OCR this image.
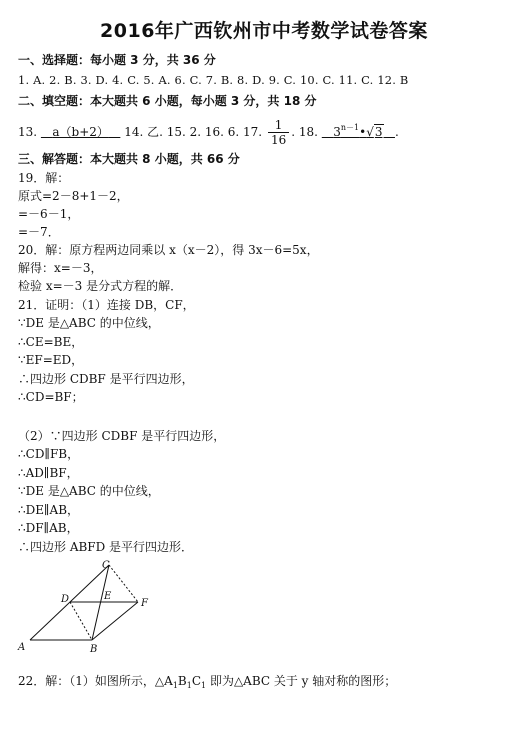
2016年广西钦州市中考数学试卷答案
一、选择题：每小题 3 分，共 36 分
1. A. 2. B. 3. D. 4. C. 5. A. 6. C. 7. B. 8. D. 9. C. 10. C. 11. C. 12. B
二、填空题：本大题共 6 小题，每小题 3 分，共 18 分
13. a（b+2） 14. 乙. 15. 2. 16. 6. 17. $\frac{1}{16}$ . 18. $3^{n-1}•√3$ .
三、解答题：本大题共 8 小题，共 66 分
19．解：
原式=2－8+1－2，
=－6－1，
=－7．
20．解：原方程两边同乘以 x（x－2），得 3x－6=5x，
解得：x=－3，
检验 x=－3 是分式方程的解．
21．证明：（1）连接 DB，CF，
∵DE 是△ABC 的中位线，
∴CE=BE，
∵EF=ED，
∴四边形 CDBF 是平行四边形，
∴CD=BF；
（2）∵四边形 CDBF 是平行四边形，
∴CD∥FB，
∴AD∥BF，
∵DE 是△ABC 的中位线，
∴DE∥AB，
∴DF∥AB，
∴四边形 ABFD 是平行四边形．
A	B
C
D	E
F
22．解：（1）如图所示，$\triangle A_1B_1C_1$ 即为△ABC 关于 y 轴对称的图形；
